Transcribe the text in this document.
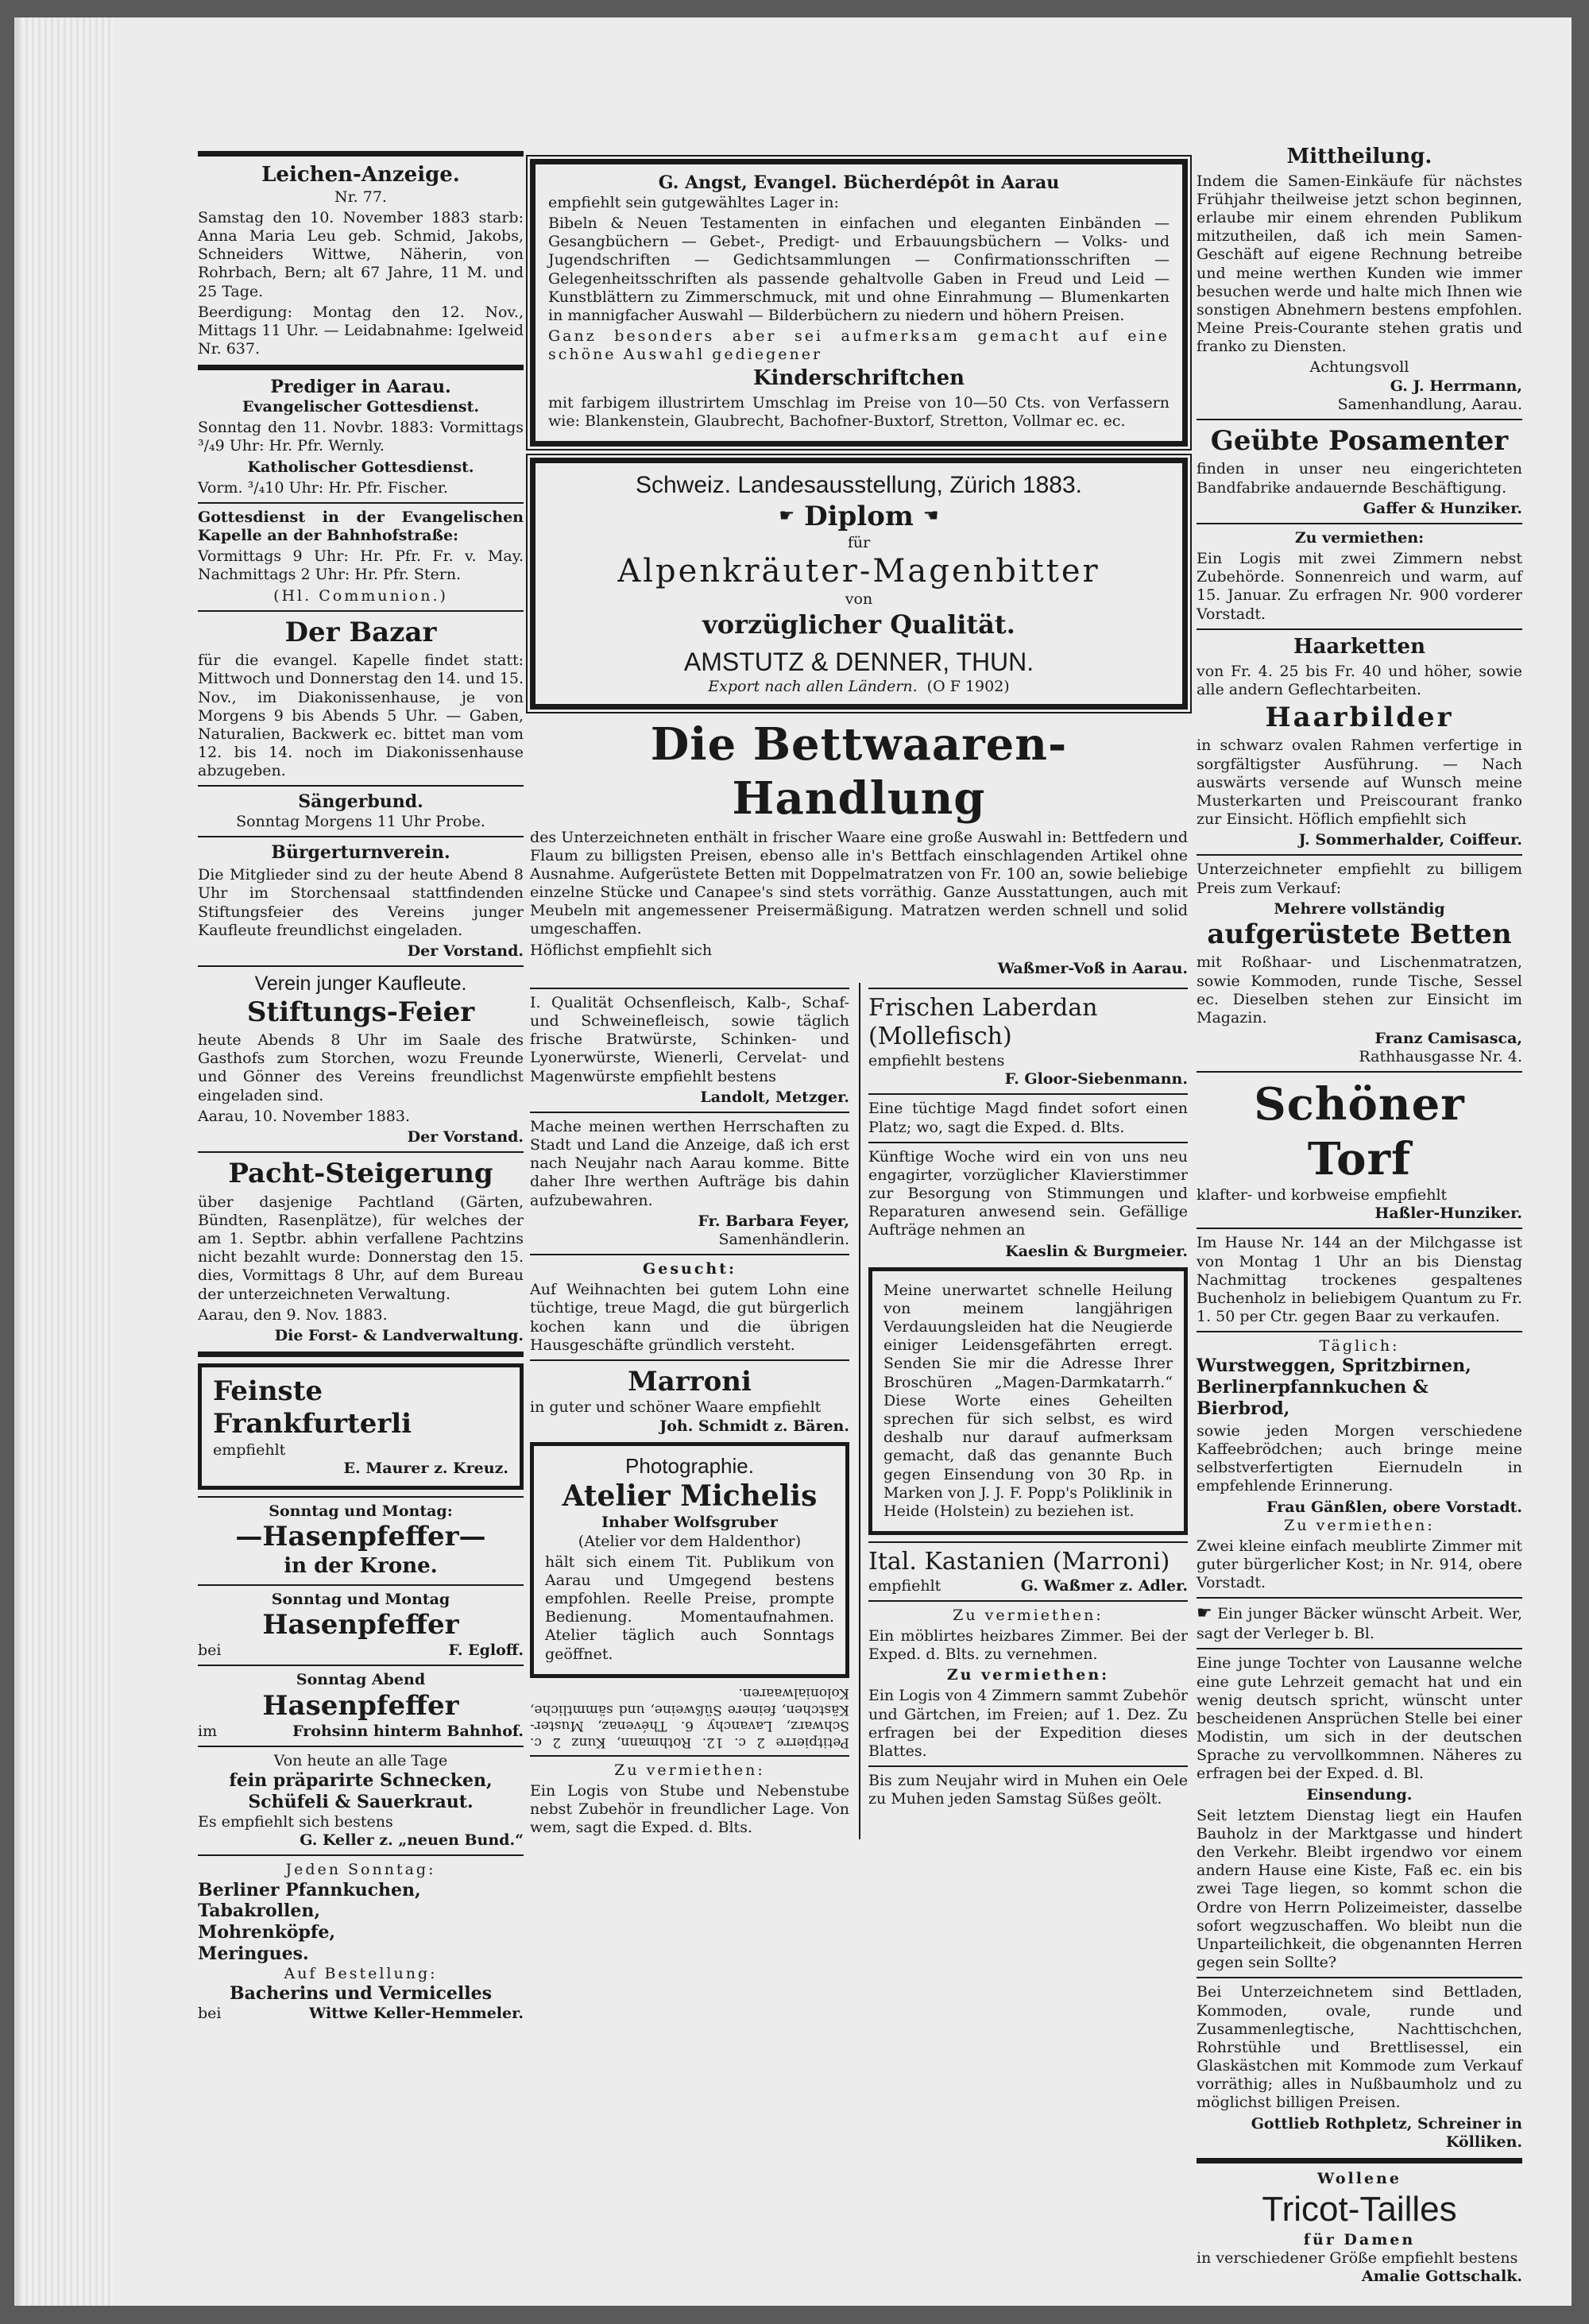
Leichen-Anzeige.
Nr. 77.
Samstag den 10. November 1883 starb: Anna Maria Leu geb. Schmid, Jakobs, Schneiders Wittwe, Näherin, von Rohrbach, Bern; alt 67 Jahre, 11 M. und 25 Tage.
Beerdigung: Montag den 12. Nov., Mittags 11 Uhr. — Leidabnahme: Igelweid Nr. 637.
Prediger in Aarau.
Evangelischer Gottesdienst.
Sonntag den 11. Novbr. 1883: Vormittags ³/₄9 Uhr: Hr. Pfr. Wernly.
Katholischer Gottesdienst.
Vorm. ³/₄10 Uhr: Hr. Pfr. Fischer.
Gottesdienst in der Evangelischen Kapelle an der Bahnhofstraße:
Vormittags 9 Uhr: Hr. Pfr. Fr. v. May. Nachmittags 2 Uhr: Hr. Pfr. Stern.
(Hl. Communion.)
Der Bazar
für die evangel. Kapelle findet statt: Mittwoch und Donnerstag den 14. und 15. Nov., im Diakonissenhause, je von Morgens 9 bis Abends 5 Uhr. — Gaben, Naturalien, Backwerk ec. bittet man vom 12. bis 14. noch im Diakonissenhause abzugeben.
Sängerbund.
Sonntag Morgens 11 Uhr Probe.
Bürgerturnverein.
Die Mitglieder sind zu der heute Abend 8 Uhr im Storchensaal stattfindenden Stiftungsfeier des Vereins junger Kaufleute freundlichst eingeladen.
Der Vorstand.
Verein junger Kaufleute.
Stiftungs-Feier
heute Abends 8 Uhr im Saale des Gasthofs zum Storchen, wozu Freunde und Gönner des Vereins freundlichst eingeladen sind.
Aarau, 10. November 1883.
Der Vorstand.
Pacht-Steigerung
über dasjenige Pachtland (Gärten, Bündten, Rasenplätze), für welches der am 1. Septbr. abhin verfallene Pachtzins nicht bezahlt wurde: Donnerstag den 15. dies, Vormittags 8 Uhr, auf dem Bureau der unterzeichneten Verwaltung.
Aarau, den 9. Nov. 1883.
Die Forst- & Landverwaltung.
Feinste Frankfurterli
empfiehlt
E. Maurer z. Kreuz.
Sonntag und Montag:
—Hasenpfeffer—
in der Krone.
Sonntag und Montag
Hasenpfeffer
bei	F. Egloff.
Sonntag Abend
Hasenpfeffer
im	Frohsinn hinterm Bahnhof.
Von heute an alle Tage
fein präparirte Schnecken, Schüfeli & Sauerkraut.
Es empfiehlt sich bestens
G. Keller z. „neuen Bund.“
Jeden Sonntag:
Berliner Pfannkuchen,
Tabakrollen,
Mohrenköpfe,
Meringues.
Auf Bestellung:
Bacherins und Vermicelles
bei	Wittwe Keller-Hemmeler.
G. Angst, Evangel. Bücherdépôt in Aarau
empfiehlt sein gutgewähltes Lager in:
Bibeln & Neuen Testamenten in einfachen und eleganten Einbänden — Gesangbüchern — Gebet-, Predigt- und Erbauungsbüchern — Volks- und Jugendschriften — Gedichtsammlungen — Confirmationsschriften — Gelegenheitsschriften als passende gehaltvolle Gaben in Freud und Leid — Kunstblättern zu Zimmerschmuck, mit und ohne Einrahmung — Blumenkarten in mannigfacher Auswahl — Bilderbüchern zu niedern und höhern Preisen.
Ganz besonders aber sei aufmerksam gemacht auf eine schöne Auswahl gediegener
Kinderschriftchen
mit farbigem illustrirtem Umschlag im Preise von 10—50 Cts. von Verfassern wie: Blankenstein, Glaubrecht, Bachofner-Buxtorf, Stretton, Vollmar ec. ec.
Schweiz. Landesausstellung, Zürich 1883.
☛ Diplom ☚
für
Alpenkräuter-Magenbitter
von
vorzüglicher Qualität.
AMSTUTZ & DENNER, THUN.
Export nach allen Ländern. (O F 1902)
Die Bettwaaren-Handlung
des Unterzeichneten enthält in frischer Waare eine große Auswahl in: Bettfedern und Flaum zu billigsten Preisen, ebenso alle in's Bettfach einschlagenden Artikel ohne Ausnahme. Aufgerüstete Betten mit Doppelmatratzen von Fr. 100 an, sowie beliebige einzelne Stücke und Canapee's sind stets vorräthig. Ganze Ausstattungen, auch mit Meubeln mit angemessener Preisermäßigung. Matratzen werden schnell und solid umgeschaffen.
Höflichst empfiehlt sich
Waßmer-Voß in Aarau.
I. Qualität Ochsenfleisch, Kalb-, Schaf- und Schweinefleisch, sowie täglich frische Bratwürste, Schinken- und Lyonerwürste, Wienerli, Cervelat- und Magenwürste empfiehlt bestens
Landolt, Metzger.
Mache meinen werthen Herrschaften zu Stadt und Land die Anzeige, daß ich erst nach Neujahr nach Aarau komme. Bitte daher Ihre werthen Aufträge bis dahin aufzubewahren.
Fr. Barbara Feyer,
Samenhändlerin.
Gesucht:
Auf Weihnachten bei gutem Lohn eine tüchtige, treue Magd, die gut bürgerlich kochen kann und die übrigen Hausgeschäfte gründlich versteht.
Marroni
in guter und schöner Waare empfiehlt
Joh. Schmidt z. Bären.
Photographie.
Atelier Michelis
Inhaber Wolfsgruber
(Atelier vor dem Haldenthor)
hält sich einem Tit. Publikum von Aarau und Umgegend bestens empfohlen. Reelle Preise, prompte Bedienung. Momentaufnahmen. Atelier täglich auch Sonntags geöffnet.
Petitpierre 2 c. 12. Rothmann, Kunz 2 c. Schwarz, Lavanchy 6. Thévenaz, Muster-Kästchen, feinere Süßweine, und sämmtliche, Kolonialwaaren.
Zu vermiethen:
Ein Logis von Stube und Nebenstube nebst Zubehör in freundlicher Lage. Von wem, sagt die Exped. d. Blts.
Frischen Laberdan (Mollefisch)
empfiehlt bestens
F. Gloor-Siebenmann.
Eine tüchtige Magd findet sofort einen Platz; wo, sagt die Exped. d. Blts.
Künftige Woche wird ein von uns neu engagirter, vorzüglicher Klavierstimmer zur Besorgung von Stimmungen und Reparaturen anwesend sein. Gefällige Aufträge nehmen an
Kaeslin & Burgmeier.
Meine unerwartet schnelle Heilung von meinem langjährigen Verdauungsleiden hat die Neugierde einiger Leidensgefährten erregt. Senden Sie mir die Adresse Ihrer Broschüren „Magen-Darmkatarrh.“ Diese Worte eines Geheilten sprechen für sich selbst, es wird deshalb nur darauf aufmerksam gemacht, daß das genannte Buch gegen Einsendung von 30 Rp. in Marken von J. J. F. Popp's Poliklinik in Heide (Holstein) zu beziehen ist.
Ital. Kastanien (Marroni)
empfiehlt	G. Waßmer z. Adler.
Zu vermiethen:
Ein möblirtes heizbares Zimmer. Bei der Exped. d. Blts. zu vernehmen.
Zu vermiethen:
Ein Logis von 4 Zimmern sammt Zubehör und Gärtchen, im Freien; auf 1. Dez. Zu erfragen bei der Expedition dieses Blattes.
Bis zum Neujahr wird in Muhen ein Oele zu Muhen jeden Samstag Süßes geölt.
Mittheilung.
Indem die Samen-Einkäufe für nächstes Frühjahr theilweise jetzt schon beginnen, erlaube mir einem ehrenden Publikum mitzutheilen, daß ich mein Samen-Geschäft auf eigene Rechnung betreibe und meine werthen Kunden wie immer besuchen werde und halte mich Ihnen wie sonstigen Abnehmern bestens empfohlen. Meine Preis-Courante stehen gratis und franko zu Diensten.
Achtungsvoll
G. J. Herrmann,
Samenhandlung, Aarau.
Geübte Posamenter
finden in unser neu eingerichteten Bandfabrike andauernde Beschäftigung.
Gaffer & Hunziker.
Zu vermiethen:
Ein Logis mit zwei Zimmern nebst Zubehörde. Sonnenreich und warm, auf 15. Januar. Zu erfragen Nr. 900 vorderer Vorstadt.
Haarketten
von Fr. 4. 25 bis Fr. 40 und höher, sowie alle andern Geflechtarbeiten.
Haarbilder
in schwarz ovalen Rahmen verfertige in sorgfältigster Ausführung. — Nach auswärts versende auf Wunsch meine Musterkarten und Preiscourant franko zur Einsicht. Höflich empfiehlt sich
J. Sommerhalder, Coiffeur.
Unterzeichneter empfiehlt zu billigem Preis zum Verkauf:
Mehrere vollständig
aufgerüstete Betten
mit Roßhaar- und Lischenmatratzen, sowie Kommoden, runde Tische, Sessel ec. Dieselben stehen zur Einsicht im Magazin.
Franz Camisasca,
Rathhausgasse Nr. 4.
Schöner Torf
klafter- und korbweise empfiehlt
Haßler-Hunziker.
Im Hause Nr. 144 an der Milchgasse ist von Montag 1 Uhr an bis Dienstag Nachmittag trockenes gespaltenes Buchenholz in beliebigem Quantum zu Fr. 1. 50 per Ctr. gegen Baar zu verkaufen.
Täglich:
Wurstweggen, Spritzbirnen, Berlinerpfannkuchen & Bierbrod,
sowie jeden Morgen verschiedene Kaffeebrödchen; auch bringe meine selbstverfertigten Eiernudeln in empfehlende Erinnerung.
Frau Gänßlen, obere Vorstadt.
Zu vermiethen:
Zwei kleine einfach meublirte Zimmer mit guter bürgerlicher Kost; in Nr. 914, obere Vorstadt.
☛ Ein junger Bäcker wünscht Arbeit. Wer, sagt der Verleger b. Bl.
Eine junge Tochter von Lausanne welche eine gute Lehrzeit gemacht hat und ein wenig deutsch spricht, wünscht unter bescheidenen Ansprüchen Stelle bei einer Modistin, um sich in der deutschen Sprache zu vervollkommnen. Näheres zu erfragen bei der Exped. d. Bl.
Einsendung.
Seit letztem Dienstag liegt ein Haufen Bauholz in der Marktgasse und hindert den Verkehr. Bleibt irgendwo vor einem andern Hause eine Kiste, Faß ec. ein bis zwei Tage liegen, so kommt schon die Ordre von Herrn Polizeimeister, dasselbe sofort wegzuschaffen. Wo bleibt nun die Unparteilichkeit, die obgenannten Herren gegen sein Sollte?
Bei Unterzeichnetem sind Bettladen, Kommoden, ovale, runde und Zusammenlegtische, Nachttischchen, Rohrstühle und Brettlisessel, ein Glaskästchen mit Kommode zum Verkauf vorräthig; alles in Nußbaumholz und zu möglichst billigen Preisen.
Gottlieb Rothpletz, Schreiner in Kölliken.
Wollene
Tricot-Tailles
für Damen
in verschiedener Größe empfiehlt bestens
Amalie Gottschalk.
